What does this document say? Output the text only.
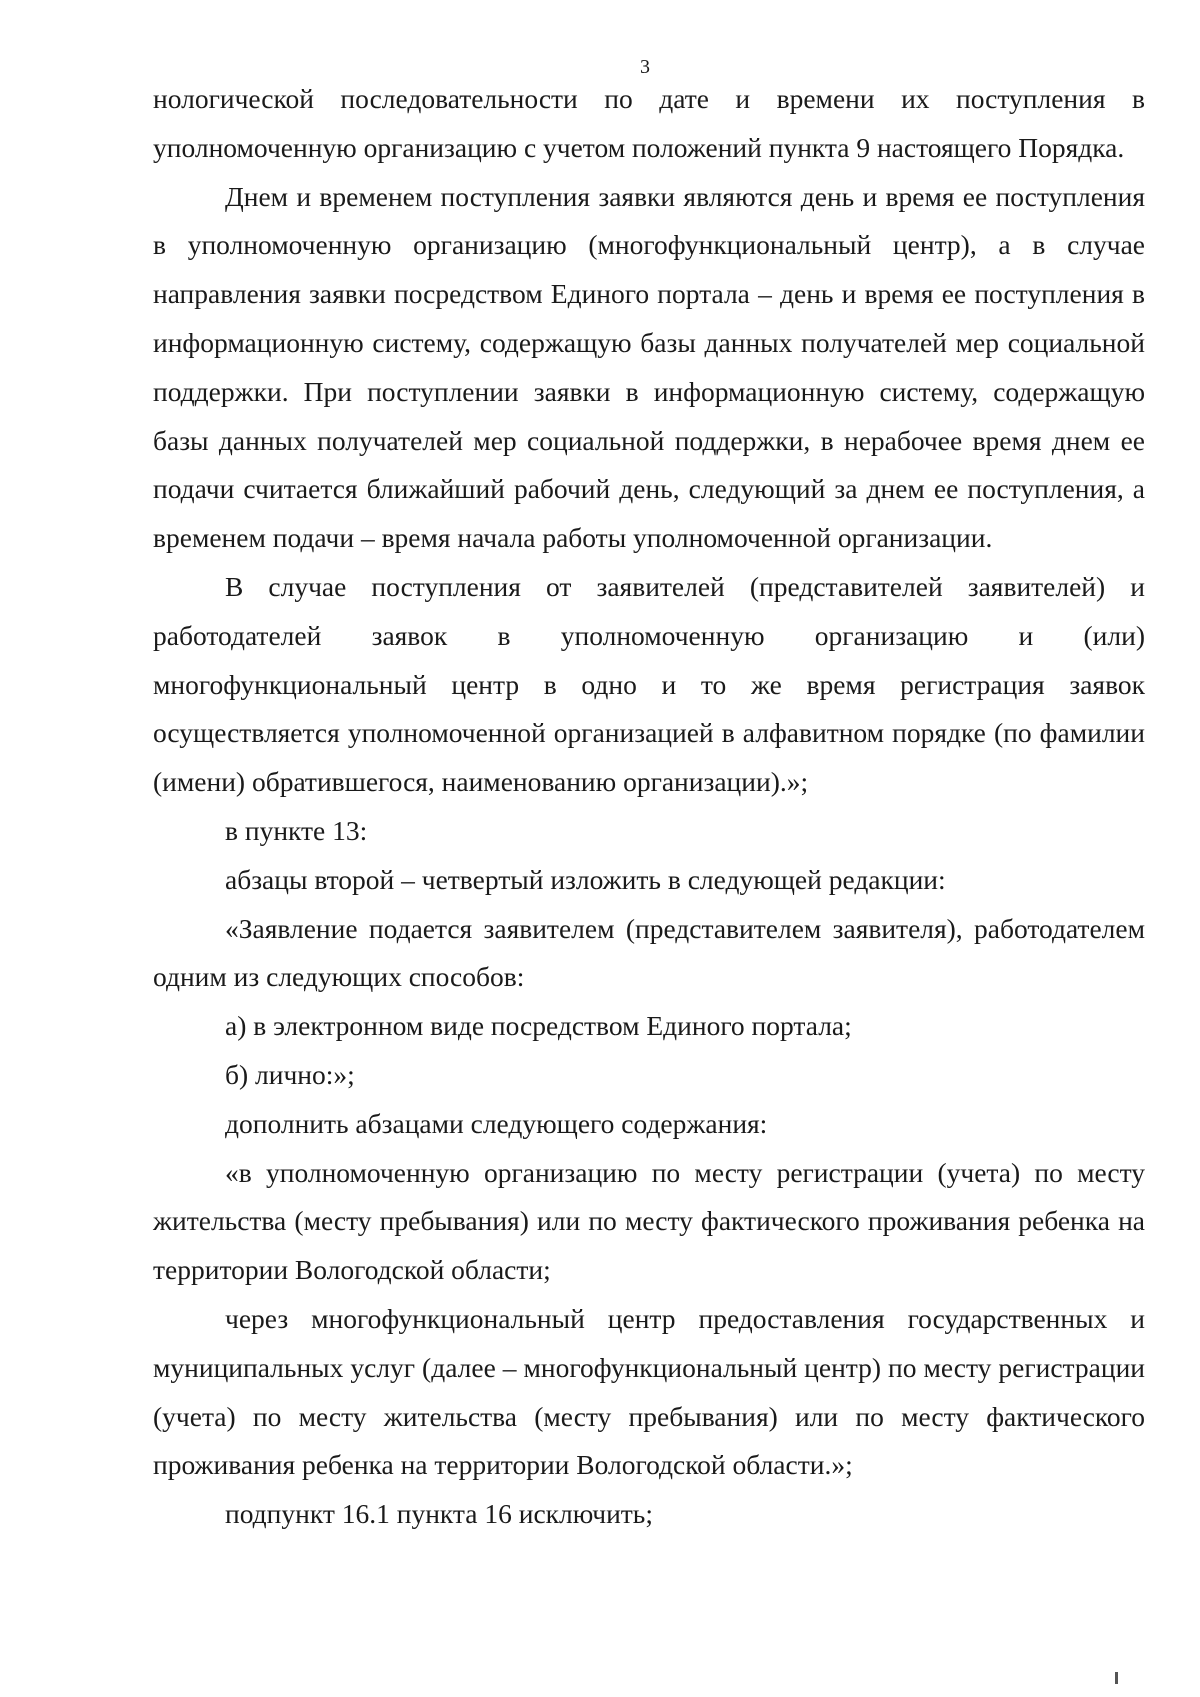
3

нологической последовательности по дате и времени их поступления в уполномоченную организацию с учетом положений пункта 9 настоящего Порядка.

Днем и временем поступления заявки являются день и время ее поступления в уполномоченную организацию (многофункциональный центр), а в случае направления заявки посредством Единого портала – день и время ее поступления в информационную систему, содержащую базы данных получателей мер социальной поддержки. При поступлении заявки в информационную систему, содержащую базы данных получателей мер социальной поддержки, в нерабочее время днем ее подачи считается ближайший рабочий день, следующий за днем ее поступления, а временем подачи – время начала работы уполномоченной организации.

В случае поступления от заявителей (представителей заявителей) и работодателей заявок в уполномоченную организацию и (или) многофункциональный центр в одно и то же время регистрация заявок осуществляется уполномоченной организацией в алфавитном порядке (по фамилии (имени) обратившегося, наименованию организации).»;

в пункте 13:

абзацы второй – четвертый изложить в следующей редакции:

«Заявление подается заявителем (представителем заявителя), работодателем одним из следующих способов:

а) в электронном виде посредством Единого портала;

б) лично:»;

дополнить абзацами следующего содержания:

«в уполномоченную организацию по месту регистрации (учета) по месту жительства (месту пребывания) или по месту фактического проживания ребенка на территории Вологодской области;

через многофункциональный центр предоставления государственных и муниципальных услуг (далее – многофункциональный центр) по месту регистрации (учета) по месту жительства (месту пребывания) или по месту фактического проживания ребенка на территории Вологодской области.»;

подпункт 16.1 пункта 16 исключить;
